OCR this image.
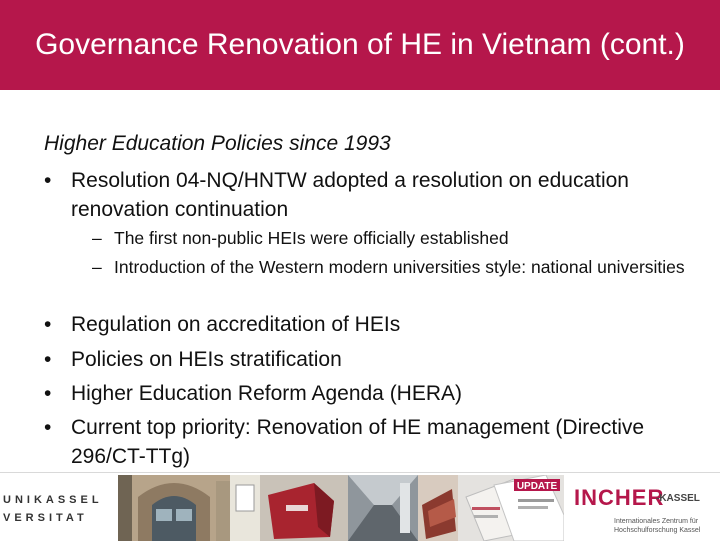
Governance Renovation of HE in Vietnam (cont.)

Higher Education Policies since 1993

• Resolution 04-NQ/HNTW adopted a resolution on education renovation continuation
– The first non-public HEIs were officially established
– Introduction of the Western modern universities style: national universities
• Regulation on accreditation of HEIs
• Policies on HEIs stratification
• Higher Education Reform Agenda (HERA)
• Current top priority: Renovation of HE management (Directive 296/CT-TTg)
UNIKASSEL
VERSITAT
UPDATE INCHER
-KASSEL
Internationales Zentrum für Hochschulforschung Kassel
